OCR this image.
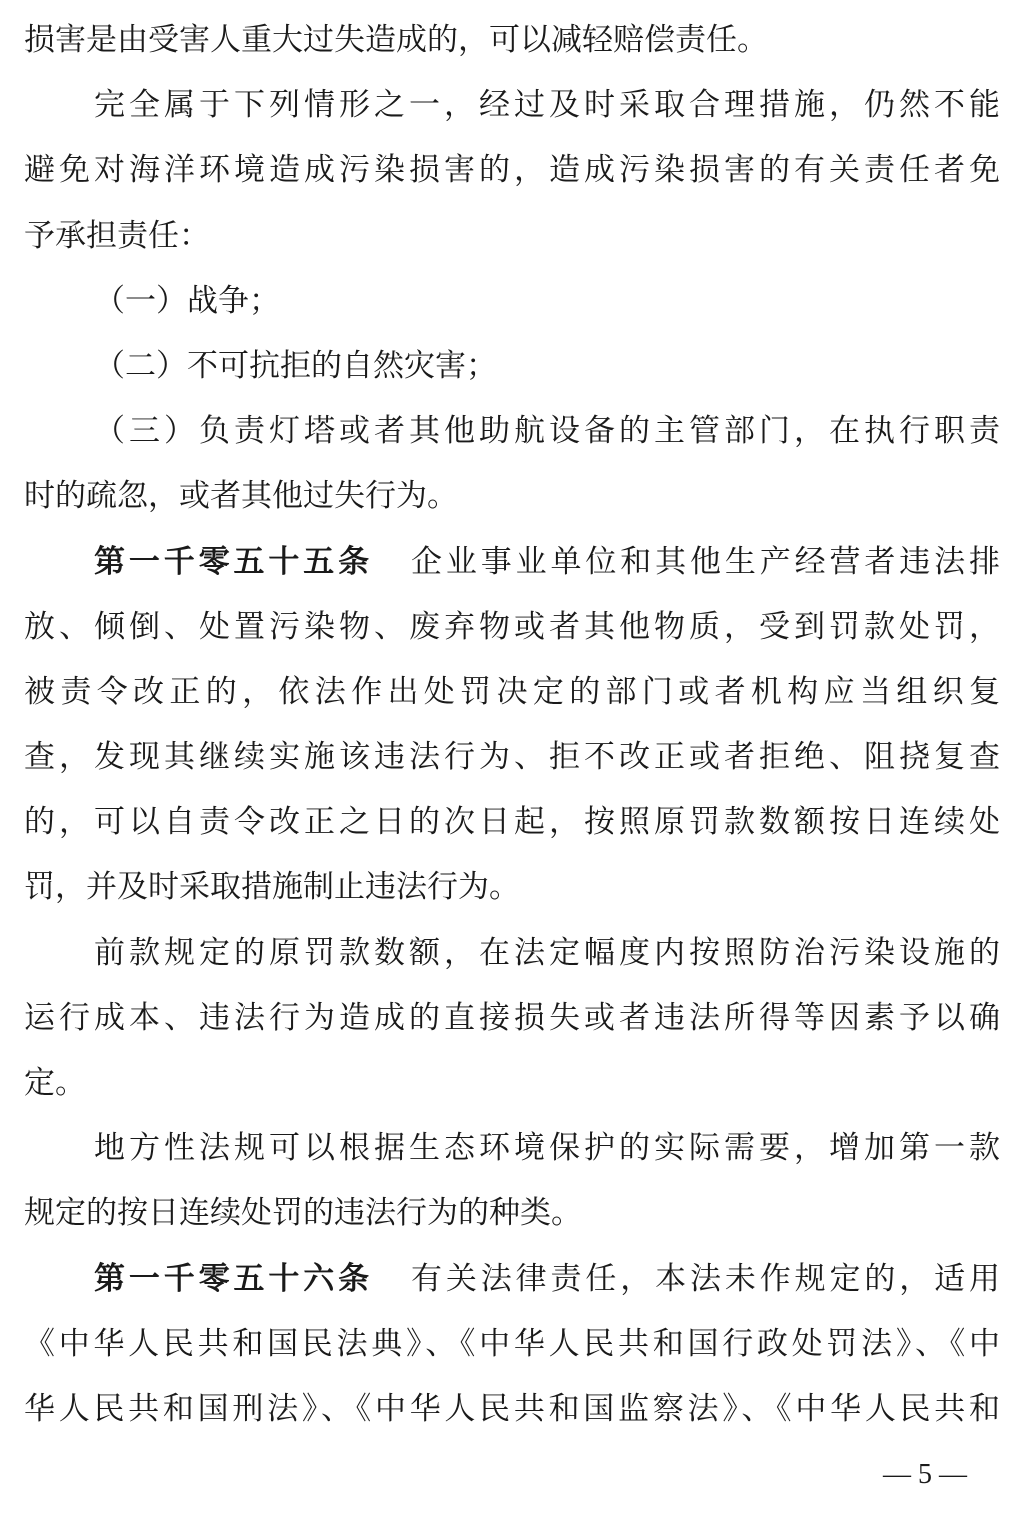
损害是由受害人重大过失造成的，可以减轻赔偿责任。
完全属于下列情形之一，经过及时采取合理措施，仍然不能
避免对海洋环境造成污染损害的，造成污染损害的有关责任者免
予承担责任：
（一）战争；
（二）不可抗拒的自然灾害；
（三）负责灯塔或者其他助航设备的主管部门，在执行职责
时的疏忽，或者其他过失行为。
第一千零五十五条 企业事业单位和其他生产经营者违法排
放、倾倒、处置污染物、废弃物或者其他物质，受到罚款处罚，
被责令改正的，依法作出处罚决定的部门或者机构应当组织复
查，发现其继续实施该违法行为、拒不改正或者拒绝、阻挠复查
的，可以自责令改正之日的次日起，按照原罚款数额按日连续处
罚，并及时采取措施制止违法行为。
前款规定的原罚款数额，在法定幅度内按照防治污染设施的
运行成本、违法行为造成的直接损失或者违法所得等因素予以确
定。
地方性法规可以根据生态环境保护的实际需要，增加第一款
规定的按日连续处罚的违法行为的种类。
第一千零五十六条 有关法律责任，本法未作规定的，适用
《中华人民共和国民法典》、《中华人民共和国行政处罚法》、《中
华人民共和国刑法》、《中华人民共和国监察法》、《中华人民共和
— 5 —
